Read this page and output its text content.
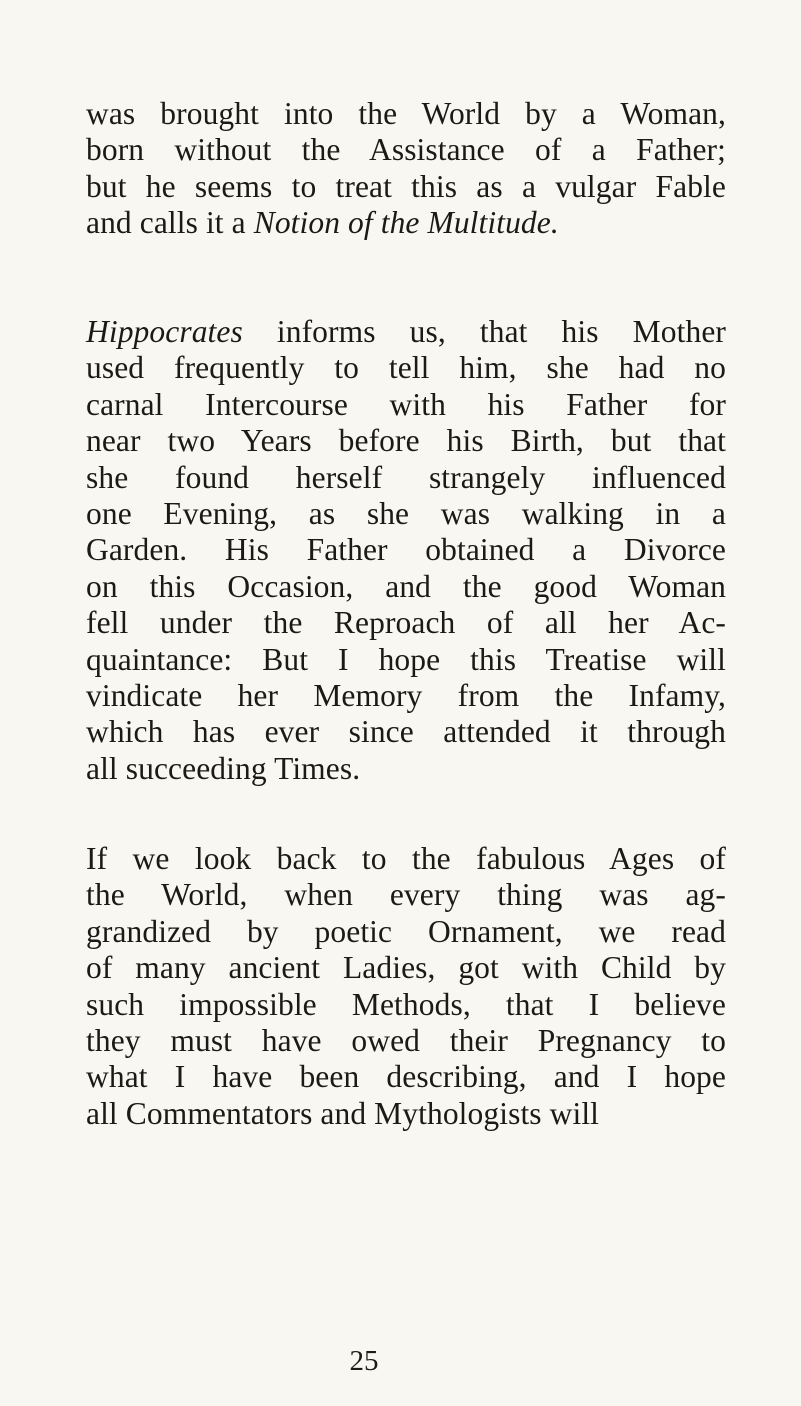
was brought into the World by a Woman,
born without the Assistance of a Father;
but he seems to treat this as a vulgar Fable
and calls it a Notion of the Multitude.

Hippocrates informs us, that his Mother
used frequently to tell him, she had no
carnal Intercourse with his Father for
near two Years before his Birth, but that
she found herself strangely influenced
one Evening, as she was walking in a
Garden. His Father obtained a Divorce
on this Occasion, and the good Woman
fell under the Reproach of all her Ac-
quaintance: But I hope this Treatise will
vindicate her Memory from the Infamy,
which has ever since attended it through
all succeeding Times.

If we look back to the fabulous Ages of
the World, when every thing was ag-
grandized by poetic Ornament, we read
of many ancient Ladies, got with Child by
such impossible Methods, that I believe
they must have owed their Pregnancy to
what I have been describing, and I hope
all Commentators and Mythologists will

25
